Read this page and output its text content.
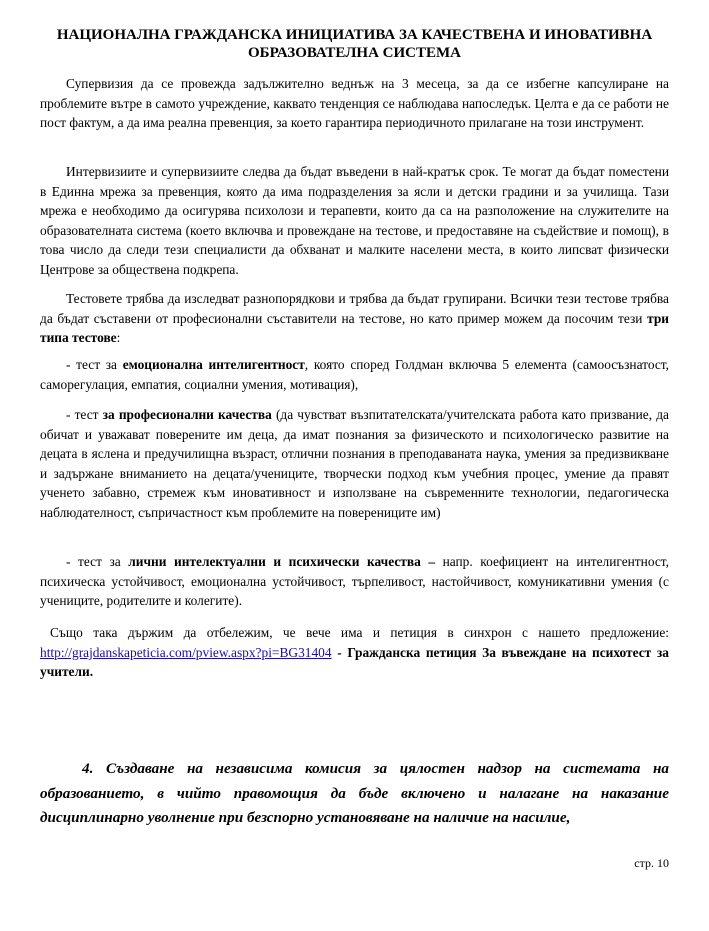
НАЦИОНАЛНА ГРАЖДАНСКА ИНИЦИАТИВА ЗА КАЧЕСТВЕНА И ИНОВАТИВНА ОБРАЗОВАТЕЛНА СИСТЕМА
Супервизия да се провежда задължително веднъж на 3 месеца, за да се избегне капсулиране на проблемите вътре в самото учреждение, каквато тенденция се наблюдава напоследък. Целта е да се работи не пост фактум, а да има реална превенция, за което гарантира периодичното прилагане на този инструмент.
Интервизиите и супервизиите следва да бъдат въведени в най-кратък срок. Те могат да бъдат поместени в Единна мрежа за превенция, която да има подразделения за ясли и детски градини и за училища. Тази мрежа е необходимо да осигурява психолози и терапевти, които да са на разположение на служителите на образователната система (което включва и провеждане на тестове, и предоставяне на съдействие и помощ), в това число да следи тези специалисти да обхванат и малките населени места, в които липсват физически Центрове за обществена подкрепа.
Тестовете трябва да изследват разнопорядкови и трябва да бъдат групирани. Всички тези тестове трябва да бъдат съставени от професионални съставители на тестове, но като пример можем да посочим тези три типа тестове:
- тест за емоционална интелигентност, която според Голдман включва 5 елемента (самоосъзнатост, саморегулация, емпатия, социални умения, мотивация),
- тест за професионални качества (да чувстват възпитателската/учителската работа като призвание, да обичат и уважават поверените им деца, да имат познания за физическото и психологическо развитие на децата в яслена и предучилищна възраст, отлични познания в преподаваната наука, умения за предизвикване и задържане вниманието на децата/учениците, творчески подход към учебния процес, умение да правят ученето забавно, стремеж към иновативност и използване на съвременните технологии, педагогическа наблюдателност, съпричастност към проблемите на поверениците им)
- тест за лични интелектуални и психически качества – напр. коефициент на интелигентност, психическа устойчивост, емоционална устойчивост, търпеливост, настойчивост, комуникативни умения (с учениците, родителите и колегите).
Също така държим да отбележим, че вече има и петиция в синхрон с нашето предложение: http://grajdanskapeticia.com/pview.aspx?pi=BG31404 - Гражданска петиция За въвеждане на психотест за учители.
4. Създаване на независима комисия за цялостен надзор на системата на образованието, в чийто правомощия да бъде включено и налагане на наказание дисциплинарно уволнение при безспорно установяване на наличие на насилие,
стр. 10
